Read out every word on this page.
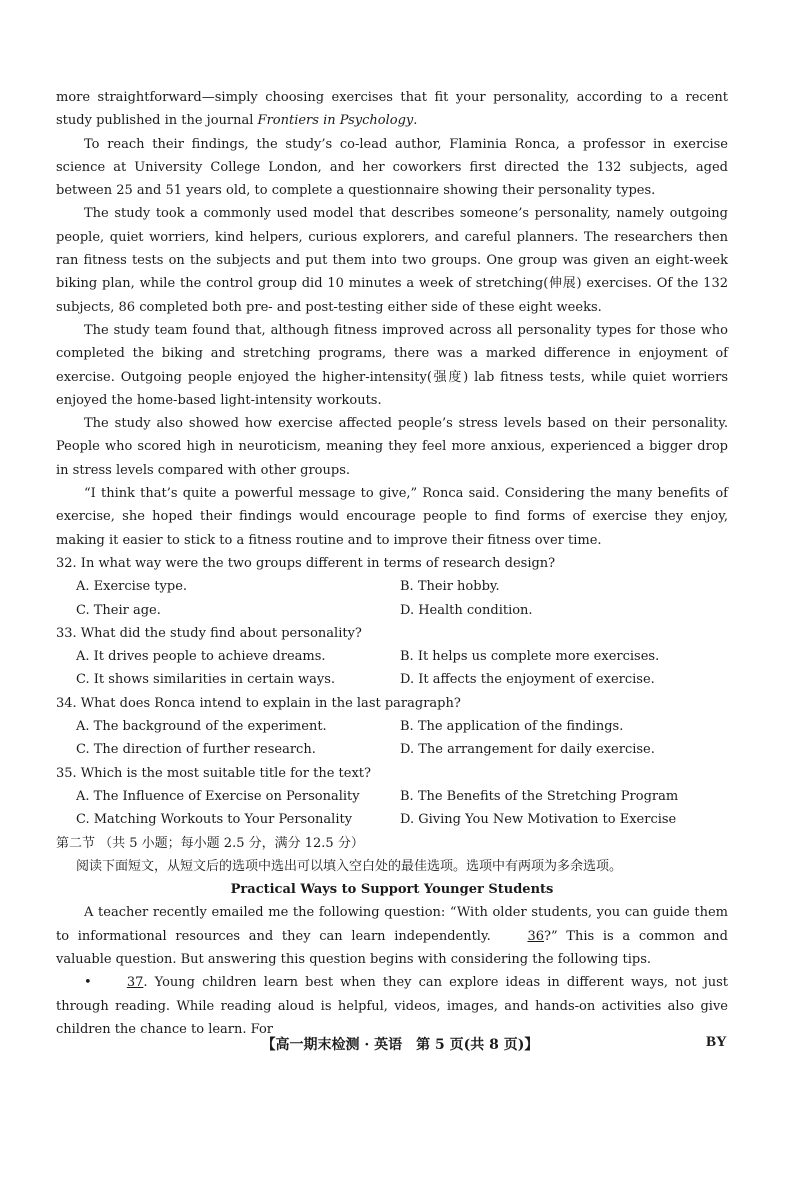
more straightforward—simply choosing exercises that fit your personality, according to a recent study published in the journal Frontiers in Psychology.

To reach their findings, the study’s co-lead author, Flaminia Ronca, a professor in exercise science at University College London, and her coworkers first directed the 132 subjects, aged between 25 and 51 years old, to complete a questionnaire showing their personality types.

The study took a commonly used model that describes someone’s personality, namely outgoing people, quiet worriers, kind helpers, curious explorers, and careful planners. The researchers then ran fitness tests on the subjects and put them into two groups. One group was given an eight-week biking plan, while the control group did 10 minutes a week of stretching(伸展) exercises. Of the 132 subjects, 86 completed both pre- and post-testing either side of these eight weeks.

The study team found that, although fitness improved across all personality types for those who completed the biking and stretching programs, there was a marked difference in enjoyment of exercise. Outgoing people enjoyed the higher-intensity(强度) lab fitness tests, while quiet worriers enjoyed the home-based light-intensity workouts.

The study also showed how exercise affected people’s stress levels based on their personality. People who scored high in neuroticism, meaning they feel more anxious, experienced a bigger drop in stress levels compared with other groups.

“I think that’s quite a powerful message to give,” Ronca said. Considering the many benefits of exercise, she hoped their findings would encourage people to find forms of exercise they enjoy, making it easier to stick to a fitness routine and to improve their fitness over time.

32. In what way were the two groups different in terms of research design?

A. Exercise type.	B. Their hobby.
C. Their age.	D. Health condition.

33. What did the study find about personality?

A. It drives people to achieve dreams.	B. It helps us complete more exercises.
C. It shows similarities in certain ways.	D. It affects the enjoyment of exercise.

34. What does Ronca intend to explain in the last paragraph?

A. The background of the experiment.	B. The application of the findings.
C. The direction of further research.	D. The arrangement for daily exercise.

35. Which is the most suitable title for the text?

A. The Influence of Exercise on Personality	B. The Benefits of the Stretching Program
C. Matching Workouts to Your Personality	D. Giving You New Motivation to Exercise

第二节 （共 5 小题；每小题 2.5 分，满分 12.5 分）

阅读下面短文，从短文后的选项中选出可以填入空白处的最佳选项。选项中有两项为多余选项。

Practical Ways to Support Younger Students

A teacher recently emailed me the following question: “With older students, you can guide them to informational resources and they can learn independently. 36?” This is a common and valuable question. But answering this question begins with considering the following tips.

•	37. Young children learn best when they can explore ideas in different ways, not just through reading. While reading aloud is helpful, videos, images, and hands-on activities also give children the chance to learn. For

【高一期末检测 · 英语　第 5 页(共 8 页)】	BY
